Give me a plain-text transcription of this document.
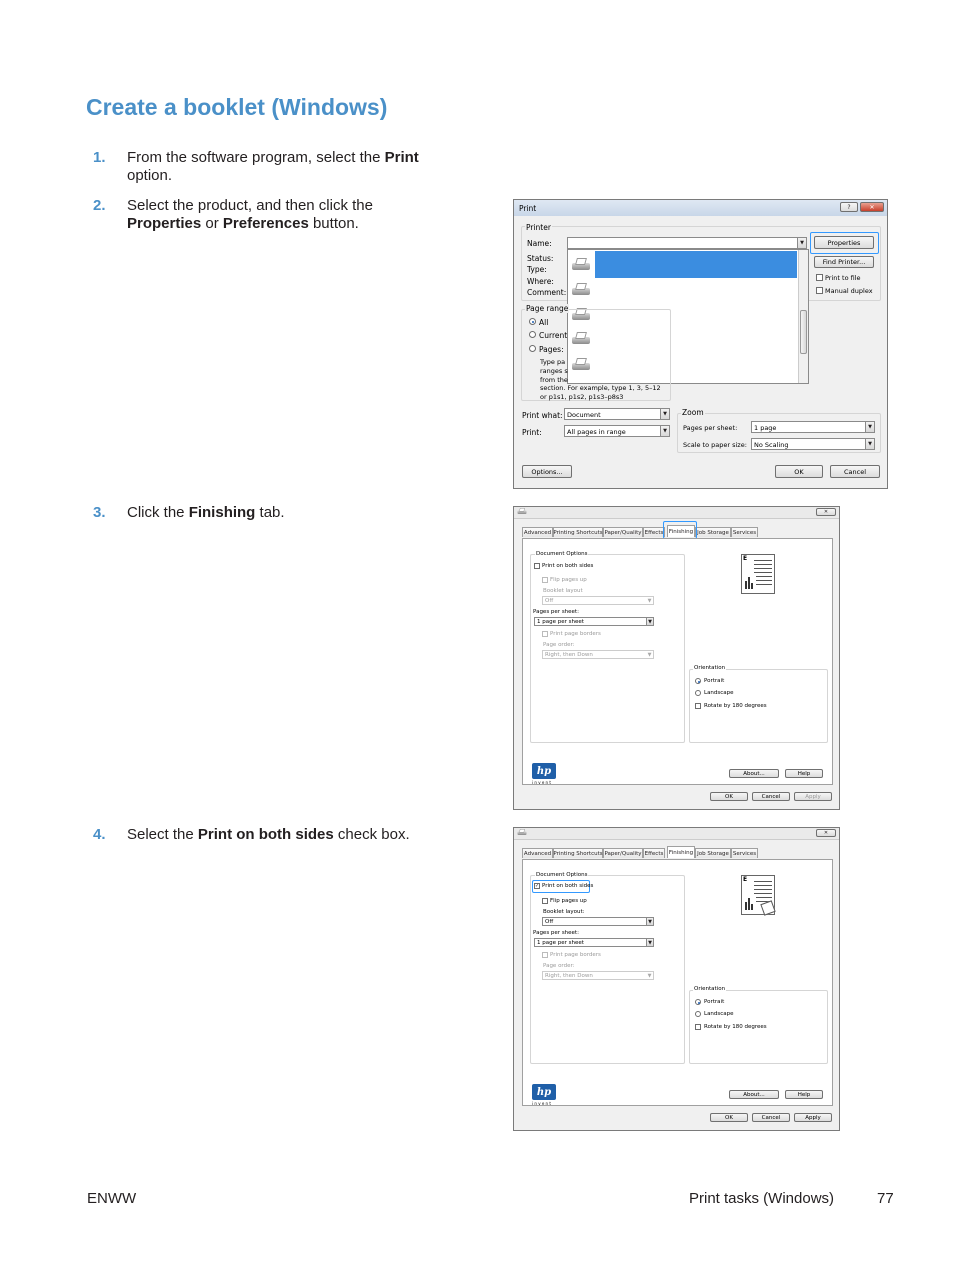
Create a booklet (Windows)
1. From the software program, select the Print
option.
2. Select the product, and then click the
Properties or Preferences button.
3. Click the Finishing tab.
4. Select the Print on both sides check box.
Print	?	✕
Printer
Name:
Status:
Type:
Where:
Comment:
▼	Properties
Find Printer...
Print to file
Manual duplex
Page range
All
Current
Pages:
Type pa
ranges s
from the
section. For example, type 1, 3, 5–12
or p1s1, p1s2, p1s3–p8s3
Print what: Document	▼
Print:	All pages in range	▼
Zoom
Pages per sheet:	1 page	▼
Scale to paper size: No Scaling	▼
Options...	OK	Cancel
✕
Advanced Printing Shortcuts Paper/Quality Effects	Finishing Job Storage Services
Document Options
Print on both sides
Flip pages up
Booklet layout
Off	▼
Pages per sheet:
1 page per sheet	▼
Print page borders
Page order:
Right, then Down	▼
E
Orientation
Portrait
Landscape
Rotate by 180 degrees
hp
i n v e n t
About...	Help
OK	Cancel	Apply
✕
Advanced Printing Shortcuts Paper/Quality Effects	Finishing Job Storage Services
Document Options
✓ Print on both sides
Flip pages up
Booklet layout:
Off	▼
Pages per sheet:
1 page per sheet	▼
Print page borders
Page order:
Right, then Down	▼
E
Orientation
Portrait
Landscape
Rotate by 180 degrees
hp
i n v e n t
About...	Help
OK	Cancel	Apply
ENWW	Print tasks (Windows)	77
